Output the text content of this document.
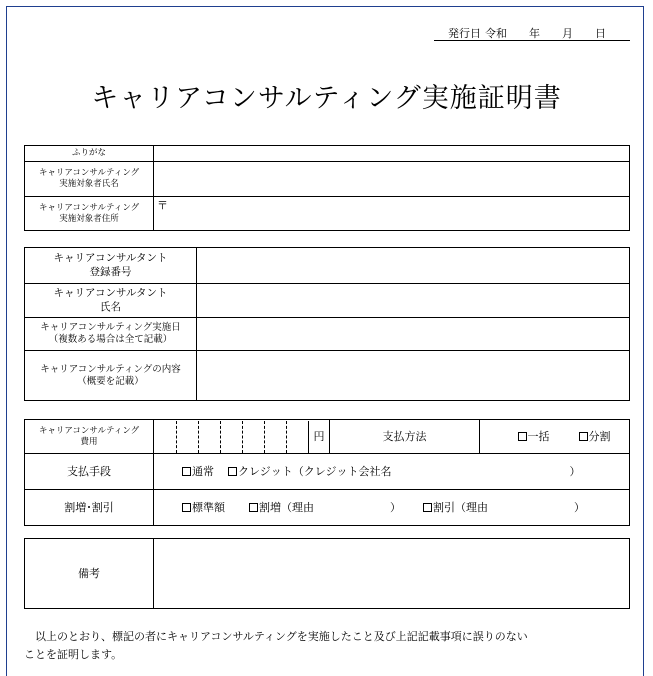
発行日 令和 年 月 日
キャリアコンサルティング実施証明書
ふりがな	

キャリアコンサルティング
実施対象者氏名	

キャリアコンサルティング
実施対象者住所	〒
キャリアコンサルタント
登録番号	

キャリアコンサルタント
氏名	

キャリアコンサルティング実施日
（複数ある場合は全て記載）	

キャリアコンサルティングの内容
（概要を記載）	

キャリアコンサルティング
費用	円	支払方法	一括 分割
支払手段	通常 クレジット（クレジット会社名 ）		

割増･割引	標準額 割増（理由 ） 割引（理由 ）		
備考	
以上のとおり、標記の者にキャリアコンサルティングを実施したこと及び上記記載事項に誤りのない
ことを証明します。
